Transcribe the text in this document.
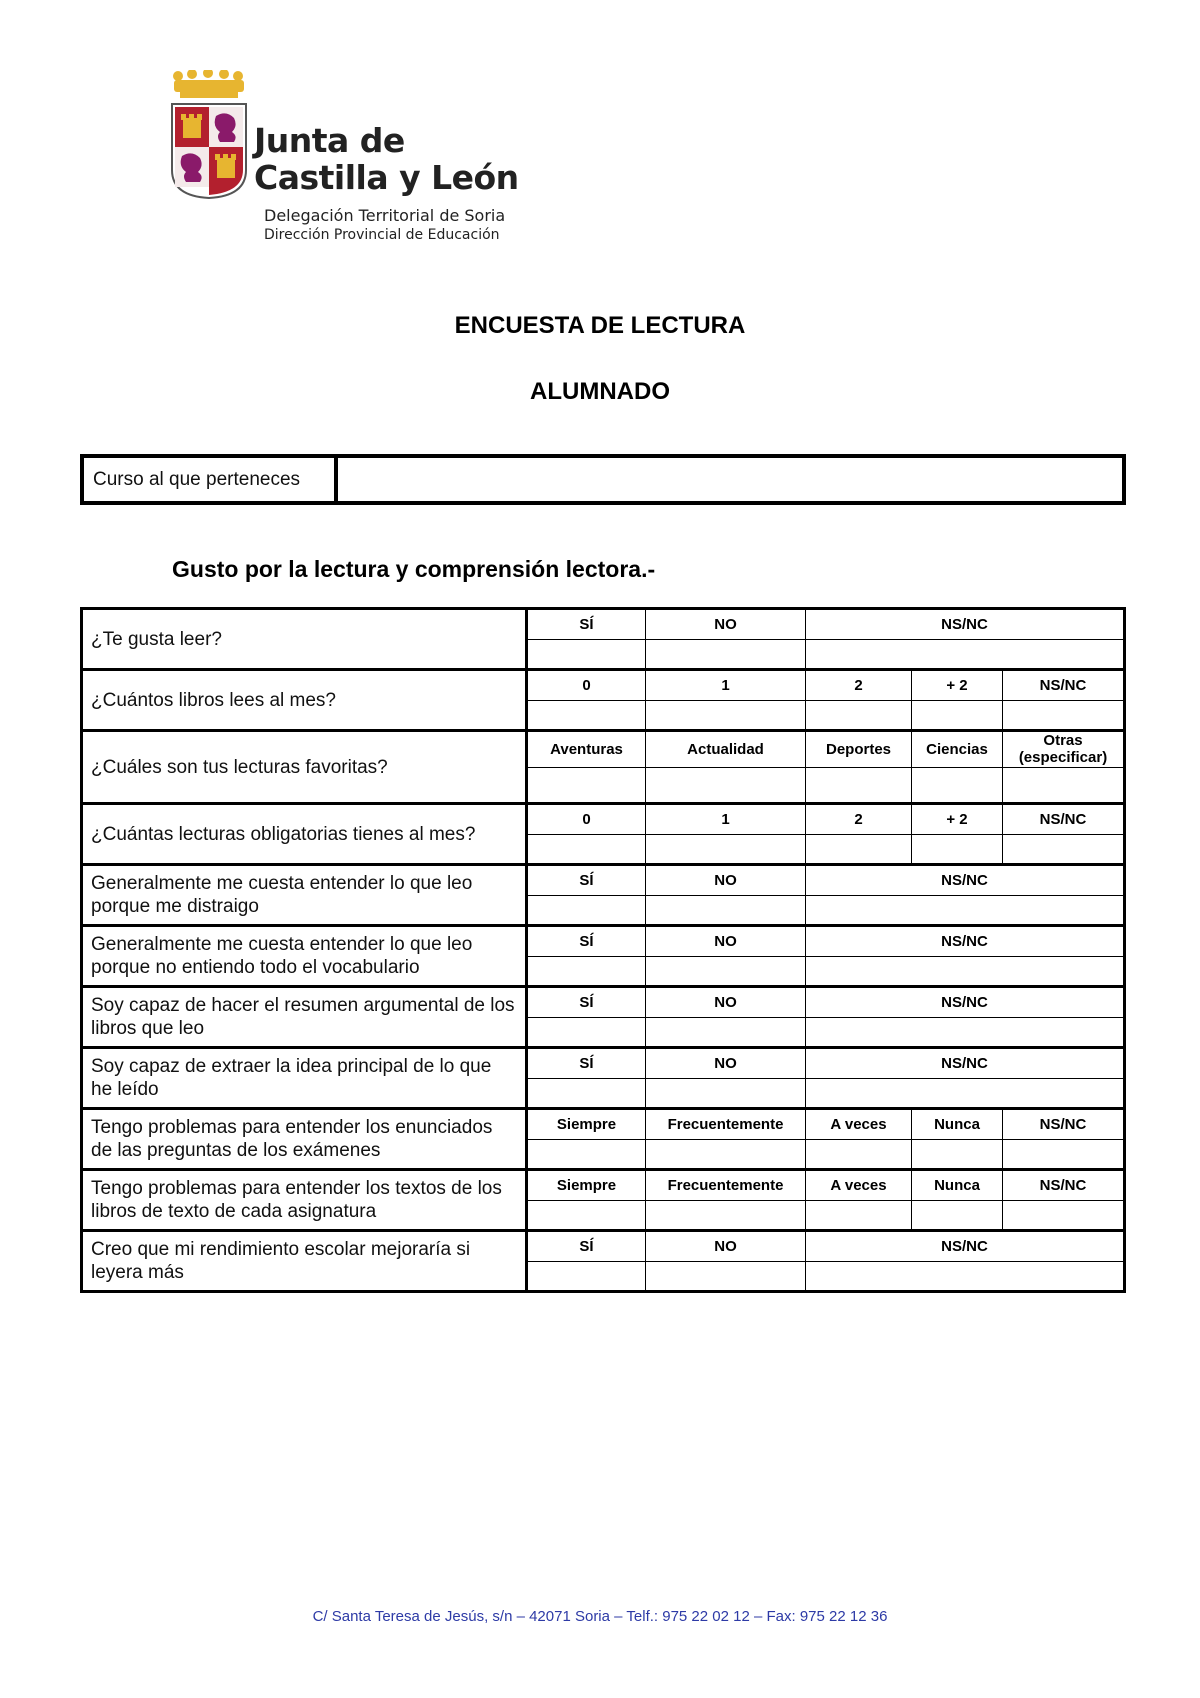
Junta de
Castilla y León
Delegación Territorial de Soria
Dirección Provincial de Educación
ENCUESTA DE LECTURA
ALUMNADO
Curso al que perteneces
Gusto por la lectura y comprensión lectora.-
¿Te gusta leer?
SÍ	NO	NS/NC
¿Cuántos libros lees al mes?
0	1	2	+ 2	NS/NC
¿Cuáles son tus lecturas favoritas?
Aventuras	Actualidad	Deportes	Ciencias	Otras (especificar)
¿Cuántas lecturas obligatorias tienes al mes?
0	1	2	+ 2	NS/NC
Generalmente me cuesta entender lo que leo porque me distraigo
SÍ	NO	NS/NC
Generalmente me cuesta entender lo que leo porque no entiendo todo el vocabulario
SÍ	NO	NS/NC
Soy capaz de hacer el resumen argumental de los libros que leo
SÍ	NO	NS/NC
Soy capaz de extraer la idea principal de lo que he leído
SÍ	NO	NS/NC
Tengo problemas para entender los enunciados de las preguntas de los exámenes
Siempre	Frecuentemente	A veces	Nunca	NS/NC
Tengo problemas para entender los textos de los libros de texto de cada asignatura
Siempre	Frecuentemente	A veces	Nunca	NS/NC
Creo que mi rendimiento escolar mejoraría si leyera más
SÍ	NO	NS/NC
C/ Santa Teresa de Jesús, s/n – 42071 Soria – Telf.: 975 22 02 12 – Fax: 975 22 12 36
